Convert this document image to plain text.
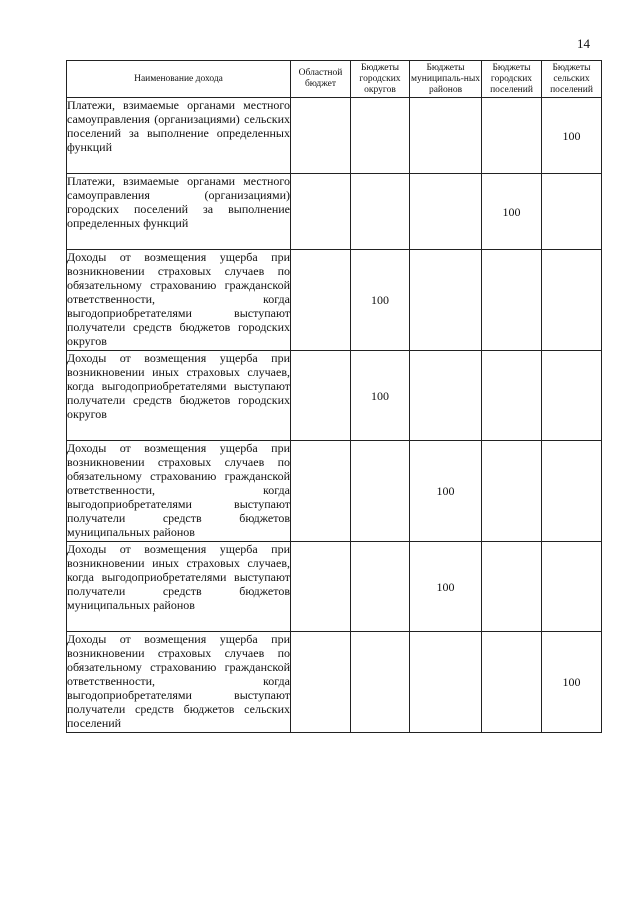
14
Наименование дохода	Областной бюджет	Бюджеты городских округов	Бюджеты муниципаль-ных районов	Бюджеты городских поселений	Бюджеты сельских поселений
Платежи, взимаемые органами местного самоуправления (организациями) сельских поселений за выполнение определенных функций					100
Платежи, взимаемые органами местного самоуправления (организациями) городских поселений за выполнение определенных функций				100	
Доходы от возмещения ущерба при возникновении страховых случаев по обязательному страхованию гражданской ответственности, когда выгодоприобретателями выступают получатели средств бюджетов городских округов		100			
Доходы от возмещения ущерба при возникновении иных страховых случаев, когда выгодоприобретателями выступают получатели средств бюджетов городских округов		100			
Доходы от возмещения ущерба при возникновении страховых случаев по обязательному страхованию гражданской ответственности, когда выгодоприобретателями выступают получатели средств бюджетов муниципальных районов			100		
Доходы от возмещения ущерба при возникновении иных страховых случаев, когда выгодоприобретателями выступают получатели средств бюджетов муниципальных районов			100		
Доходы от возмещения ущерба при возникновении страховых случаев по обязательному страхованию гражданской ответственности, когда выгодоприобретателями выступают получатели средств бюджетов сельских поселений					100
